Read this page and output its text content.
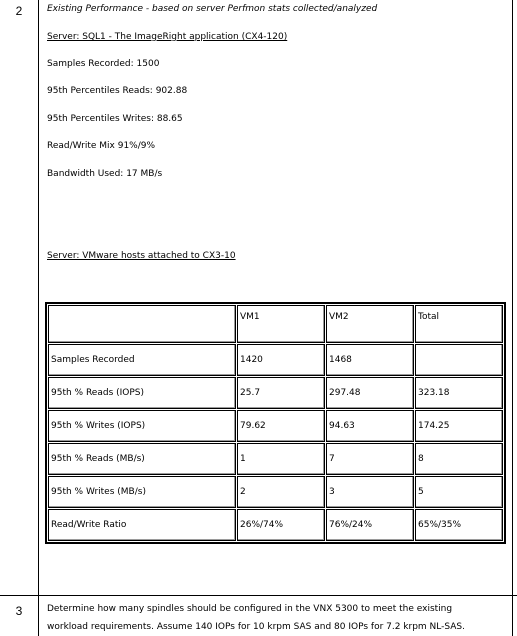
2	Existing Performance - based on server Perfmon stats collected/analyzed
Server: SQL1 - The ImageRight application (CX4-120)
Samples Recorded: 1500
95th Percentiles Reads: 902.88
95th Percentiles Writes: 88.65
Read/Write Mix 91%/9%
Bandwidth Used: 17 MB/s
Server: VMware hosts attached to CX3-10
	VM1	VM2	Total
Samples Recorded	1420	1468	
95th % Reads (IOPS)	25.7	297.48	323.18
95th % Writes (IOPS)	79.62	94.63	174.25
95th % Reads (MB/s)	1	7	8
95th % Writes (MB/s)	2	3	5
Read/Write Ratio	26%/74%	76%/24%	65%/35%
3	Determine how many spindles should be configured in the VNX 5300 to meet the existing
workload requirements. Assume 140 IOPs for 10 krpm SAS and 80 IOPs for 7.2 krpm NL-SAS.
